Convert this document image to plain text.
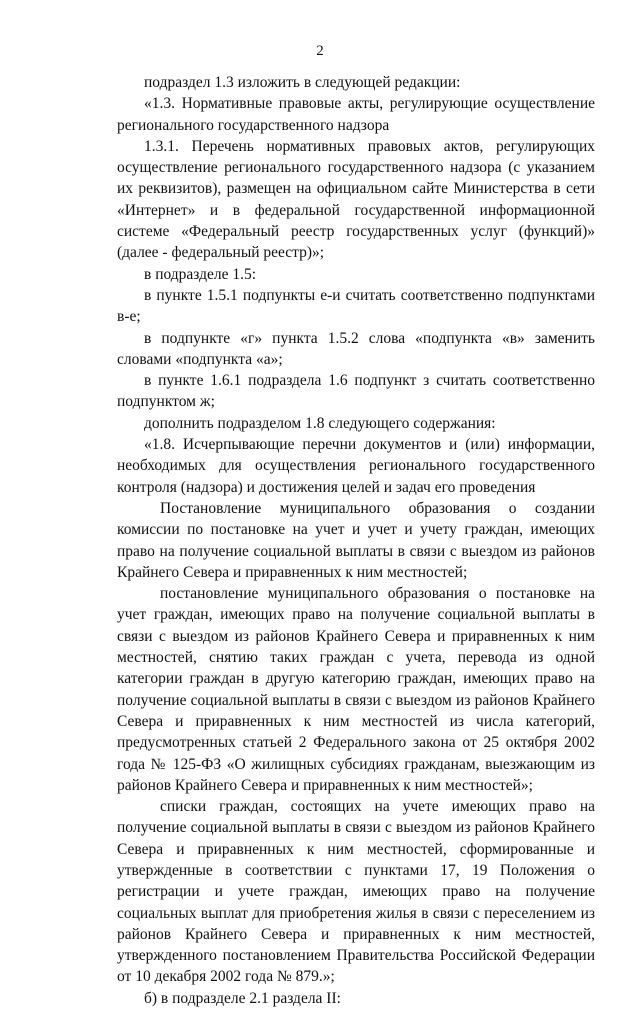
2

подраздел 1.3 изложить в следующей редакции:

«1.3. Нормативные правовые акты, регулирующие осуществление регионального государственного надзора

1.3.1. Перечень нормативных правовых актов, регулирующих осуществление регионального государственного надзора (с указанием их реквизитов), размещен на официальном сайте Министерства в сети «Интернет» и в федеральной государственной информационной системе «Федеральный реестр государственных услуг (функций)» (далее - федеральный реестр)»;

в подразделе 1.5:

в пункте 1.5.1 подпункты е-и считать соответственно подпунктами в-е;

в подпункте «г» пункта 1.5.2 слова «подпункта «в» заменить словами «подпункта «а»;

в пункте 1.6.1 подраздела 1.6 подпункт з считать соответственно подпунктом ж;

дополнить подразделом 1.8 следующего содержания:

«1.8. Исчерпывающие перечни документов и (или) информации, необходимых для осуществления регионального государственного контроля (надзора) и достижения целей и задач его проведения

Постановление муниципального образования о создании комиссии по постановке на учет и учет и учету граждан, имеющих право на получение социальной выплаты в связи с выездом из районов Крайнего Севера и приравненных к ним местностей;

постановление муниципального образования о постановке на учет граждан, имеющих право на получение социальной выплаты в связи с выездом из районов Крайнего Севера и приравненных к ним местностей, снятию таких граждан с учета, перевода из одной категории граждан в другую категорию граждан, имеющих право на получение социальной выплаты в связи с выездом из районов Крайнего Севера и приравненных к ним местностей из числа категорий, предусмотренных статьей 2 Федерального закона от 25 октября 2002 года № 125-ФЗ «О жилищных субсидиях гражданам, выезжающим из районов Крайнего Севера и приравненных к ним местностей»;

списки граждан, состоящих на учете имеющих право на получение социальной выплаты в связи с выездом из районов Крайнего Севера и приравненных к ним местностей, сформированные и утвержденные в соответствии с пунктами 17, 19 Положения о регистрации и учете граждан, имеющих право на получение социальных выплат для приобретения жилья в связи с переселением из районов Крайнего Севера и приравненных к ним местностей, утвержденного постановлением Правительства Российской Федерации от 10 декабря 2002 года № 879.»;

б) в подразделе 2.1 раздела II:
